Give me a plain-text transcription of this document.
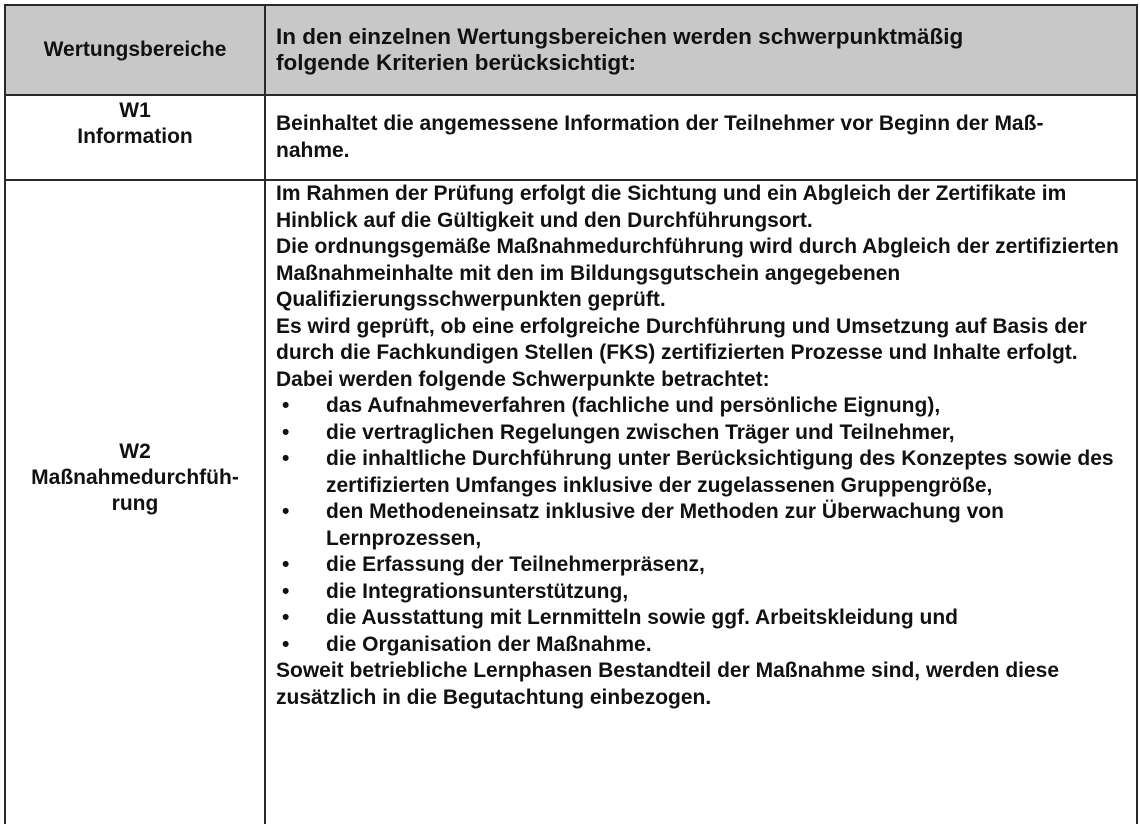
Wertungsbereiche
In den einzelnen Wertungsbereichen werden schwerpunktmäßig
folgende Kriterien berücksichtigt:
W1
Information
Beinhaltet die angemessene Information der Teilnehmer vor Beginn der Maß-
nahme.
W2
Maßnahmedurchfüh-
rung

Im Rahmen der Prüfung erfolgt die Sichtung und ein Abgleich der Zertifikate im Hinblick auf die Gültigkeit und den Durchführungsort.

Die ordnungsgemäße Maßnahmedurchführung wird durch Abgleich der zertifizierten Maßnahmeinhalte mit den im Bildungsgutschein angegebenen Qualifizierungsschwerpunkten geprüft.

Es wird geprüft, ob eine erfolgreiche Durchführung und Umsetzung auf Basis der durch die Fachkundigen Stellen (FKS) zertifizierten Prozesse und Inhalte erfolgt. Dabei werden folgende Schwerpunkte betrachtet:

• das Aufnahmeverfahren (fachliche und persönliche Eignung),
• die vertraglichen Regelungen zwischen Träger und Teilnehmer,
• die inhaltliche Durchführung unter Berücksichtigung des Konzeptes sowie des zertifizierten Umfanges inklusive der zugelassenen Gruppengröße,
• den Methodeneinsatz inklusive der Methoden zur Überwachung von Lernprozessen,
• die Erfassung der Teilnehmerpräsenz,
• die Integrationsunterstützung,
• die Ausstattung mit Lernmitteln sowie ggf. Arbeitskleidung und
• die Organisation der Maßnahme.

Soweit betriebliche Lernphasen Bestandteil der Maßnahme sind, werden diese zusätzlich in die Begutachtung einbezogen.
